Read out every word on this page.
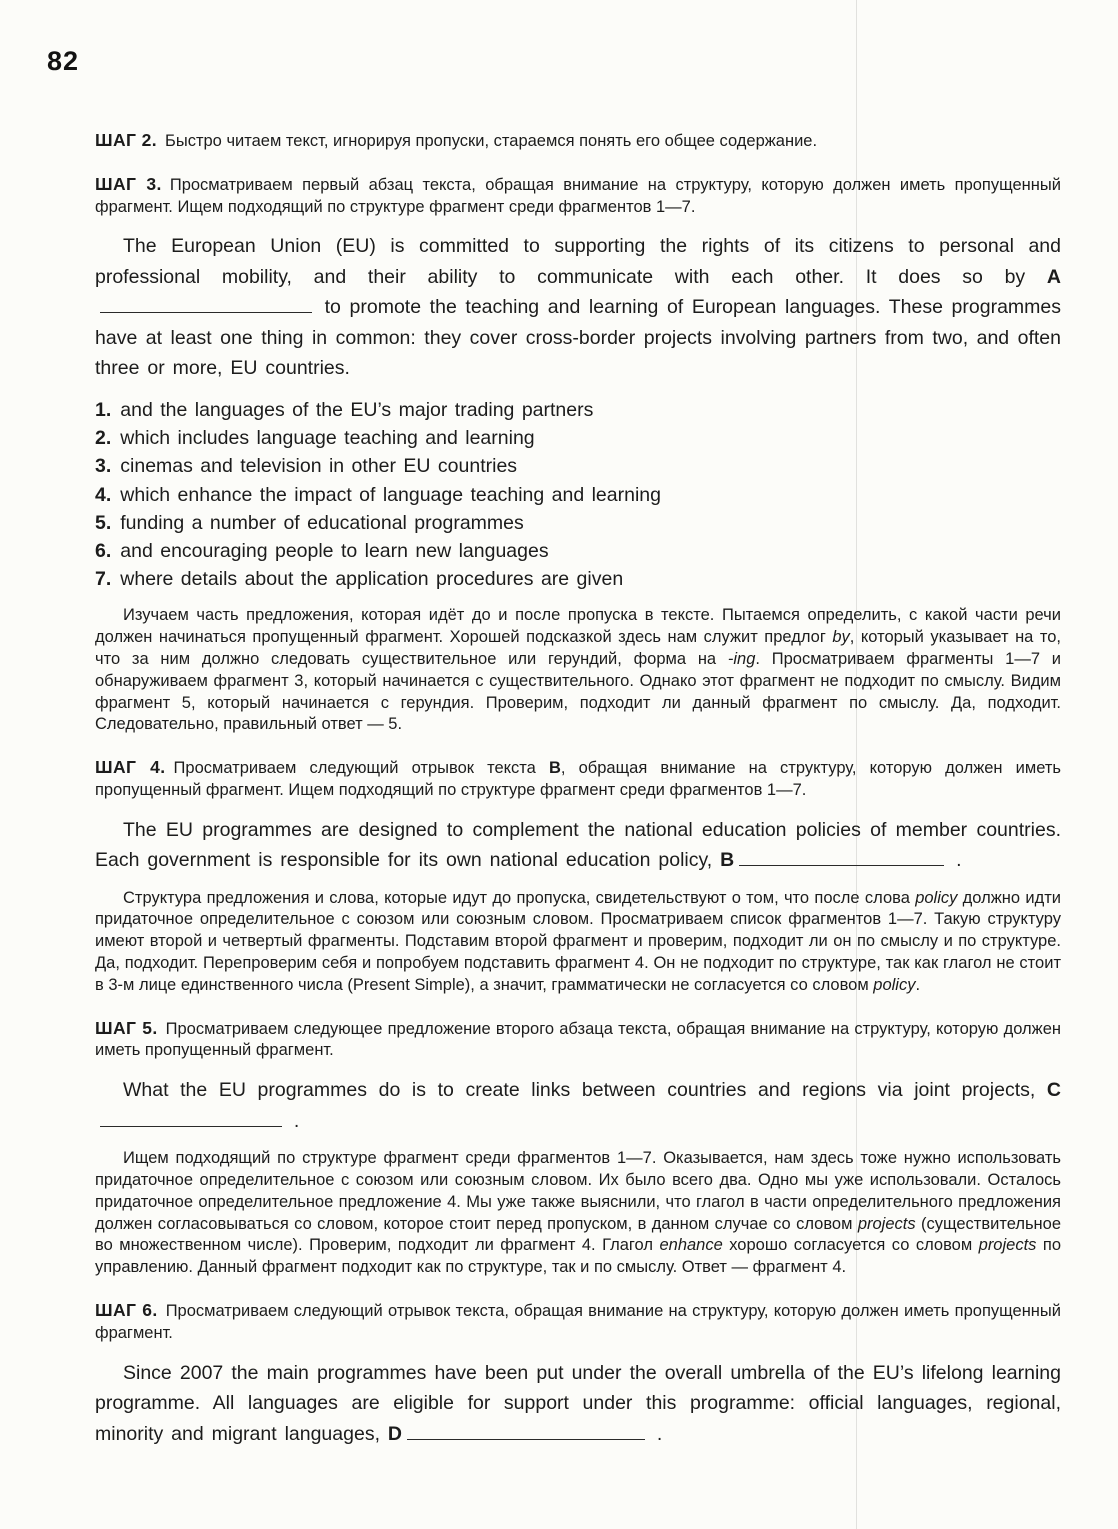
82

ШАГ 2. Быстро читаем текст, игнорируя пропуски, стараемся понять его общее содержание.

ШАГ 3. Просматриваем первый абзац текста, обращая внимание на структуру, которую должен иметь пропущенный фрагмент. Ищем подходящий по структуре фрагмент среди фрагментов 1—7.

The European Union (EU) is committed to supporting the rights of its citizens to personal and professional mobility, and their ability to communicate with each other. It does so by A to promote the teaching and learning of European languages. These programmes have at least one thing in common: they cover cross-border projects involving partners from two, and often three or more, EU countries.

1. and the languages of the EU’s major trading partners

2. which includes language teaching and learning

3. cinemas and television in other EU countries

4. which enhance the impact of language teaching and learning

5. funding a number of educational programmes

6. and encouraging people to learn new languages

7. where details about the application procedures are given

Изучаем часть предложения, которая идёт до и после пропуска в тексте. Пытаемся определить, с какой части речи должен начинаться пропущенный фрагмент. Хорошей подсказкой здесь нам служит предлог by, который указывает на то, что за ним должно следовать существительное или герундий, форма на -ing. Просматриваем фрагменты 1—7 и обнаруживаем фрагмент 3, который начинается с существительного. Однако этот фрагмент не подходит по смыслу. Видим фрагмент 5, который начинается с герундия. Проверим, подходит ли данный фрагмент по смыслу. Да, подходит. Следовательно, правильный ответ — 5.

ШАГ 4. Просматриваем следующий отрывок текста B, обращая внимание на структуру, которую должен иметь пропущенный фрагмент. Ищем подходящий по структуре фрагмент среди фрагментов 1—7.

The EU programmes are designed to complement the national education policies of member countries. Each government is responsible for its own national education policy, B	.

Структура предложения и слова, которые идут до пропуска, свидетельствуют о том, что после слова policy должно идти придаточное определительное с союзом или союзным словом. Просматриваем список фрагментов 1—7. Такую структуру имеют второй и четвертый фрагменты. Подставим второй фрагмент и проверим, подходит ли он по смыслу и по структуре. Да, подходит. Перепроверим себя и попробуем подставить фрагмент 4. Он не подходит по структуре, так как глагол не стоит в 3-м лице единственного числа (Present Simple), а значит, грамматически не согласуется со словом policy.

ШАГ 5. Просматриваем следующее предложение второго абзаца текста, обращая внимание на структуру, которую должен иметь пропущенный фрагмент.

What the EU programmes do is to create links between countries and regions via joint projects, C .

Ищем подходящий по структуре фрагмент среди фрагментов 1—7. Оказывается, нам здесь тоже нужно использовать придаточное определительное с союзом или союзным словом. Их было всего два. Одно мы уже использовали. Осталось придаточное определительное предложение 4. Мы уже также выяснили, что глагол в части определительного предложения должен согласовываться со словом, которое стоит перед пропуском, в данном случае со словом projects (существительное во множественном числе). Проверим, подходит ли фрагмент 4. Глагол enhance хорошо согласуется со словом projects по управлению. Данный фрагмент подходит как по структуре, так и по смыслу. Ответ — фрагмент 4.

ШАГ 6. Просматриваем следующий отрывок текста, обращая внимание на структуру, которую должен иметь пропущенный фрагмент.

Since 2007 the main programmes have been put under the overall umbrella of the EU’s lifelong learning programme. All languages are eligible for support under this programme: official languages, regional, minority and migrant languages, D	.
